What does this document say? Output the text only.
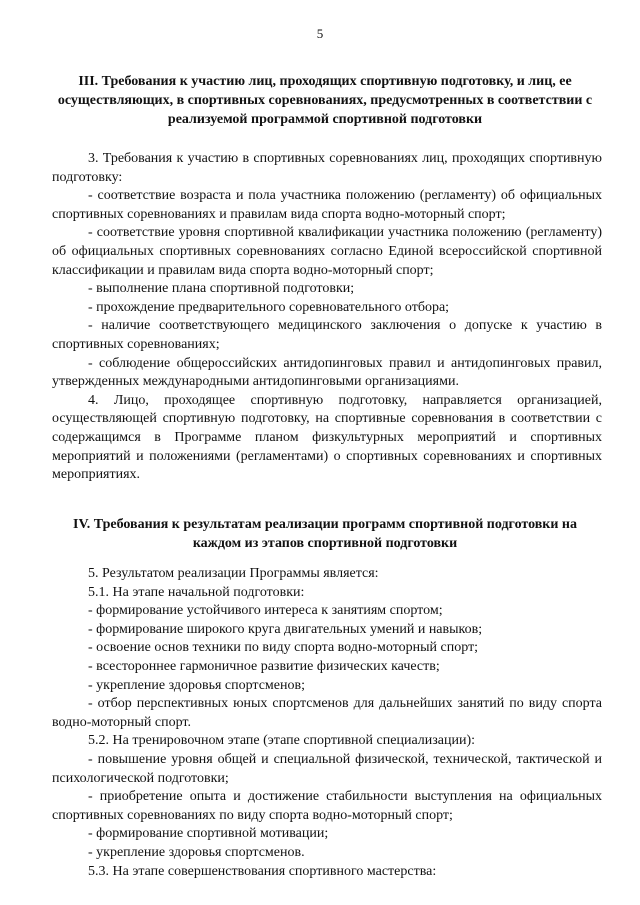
5
III. Требования к участию лиц, проходящих спортивную подготовку, и лиц, ее осуществляющих, в спортивных соревнованиях, предусмотренных в соответствии с реализуемой программой спортивной подготовки

3. Требования к участию в спортивных соревнованиях лиц, проходящих спортивную подготовку:

- соответствие возраста и пола участника положению (регламенту) об официальных спортивных соревнованиях и правилам вида спорта водно-моторный спорт;

- соответствие уровня спортивной квалификации участника положению (регламенту) об официальных спортивных соревнованиях согласно Единой всероссийской спортивной классификации и правилам вида спорта водно-моторный спорт;

- выполнение плана спортивной подготовки;

- прохождение предварительного соревновательного отбора;

- наличие соответствующего медицинского заключения о допуске к участию в спортивных соревнованиях;

- соблюдение общероссийских антидопинговых правил и антидопинговых правил, утвержденных международными антидопинговыми организациями.

4. Лицо, проходящее спортивную подготовку, направляется организацией, осуществляющей спортивную подготовку, на спортивные соревнования в соответствии с содержащимся в Программе планом физкультурных мероприятий и спортивных мероприятий и положениями (регламентами) о спортивных соревнованиях и спортивных мероприятиях.

IV. Требования к результатам реализации программ спортивной подготовки на каждом из этапов спортивной подготовки

5. Результатом реализации Программы является:

5.1. На этапе начальной подготовки:

- формирование устойчивого интереса к занятиям спортом;

- формирование широкого круга двигательных умений и навыков;

- освоение основ техники по виду спорта водно-моторный спорт;

- всестороннее гармоничное развитие физических качеств;

- укрепление здоровья спортсменов;

- отбор перспективных юных спортсменов для дальнейших занятий по виду спорта водно-моторный спорт.

5.2. На тренировочном этапе (этапе спортивной специализации):

- повышение уровня общей и специальной физической, технической, тактической и психологической подготовки;

- приобретение опыта и достижение стабильности выступления на официальных спортивных соревнованиях по виду спорта водно-моторный спорт;

- формирование спортивной мотивации;

- укрепление здоровья спортсменов.

5.3. На этапе совершенствования спортивного мастерства:
